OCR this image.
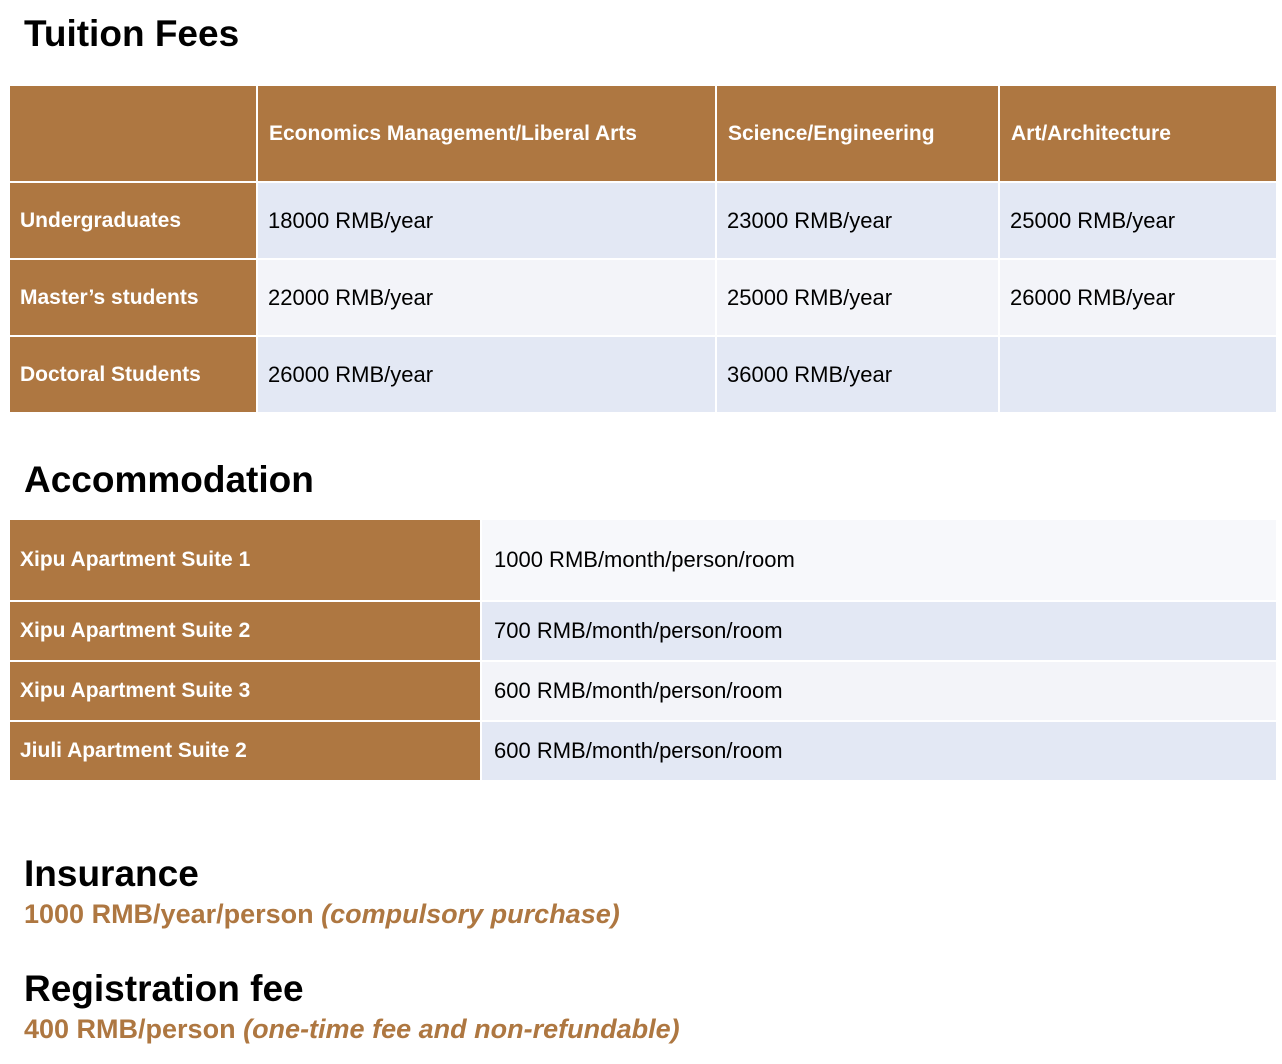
Tuition Fees
	Economics Management/Liberal Arts	Science/Engineering	Art/Architecture
Undergraduates	18000 RMB/year	23000 RMB/year	25000 RMB/year
Master’s students	22000 RMB/year	25000 RMB/year	26000 RMB/year
Doctoral Students	26000 RMB/year	36000 RMB/year	
Accommodation
Xipu Apartment Suite 1	1000 RMB/month/person/room
Xipu Apartment Suite 2	700 RMB/month/person/room
Xipu Apartment Suite 3	600 RMB/month/person/room
Jiuli Apartment Suite 2	600 RMB/month/person/room
Insurance

1000 RMB/year/person (compulsory purchase)

Registration fee

400 RMB/person (one-time fee and non-refundable)
